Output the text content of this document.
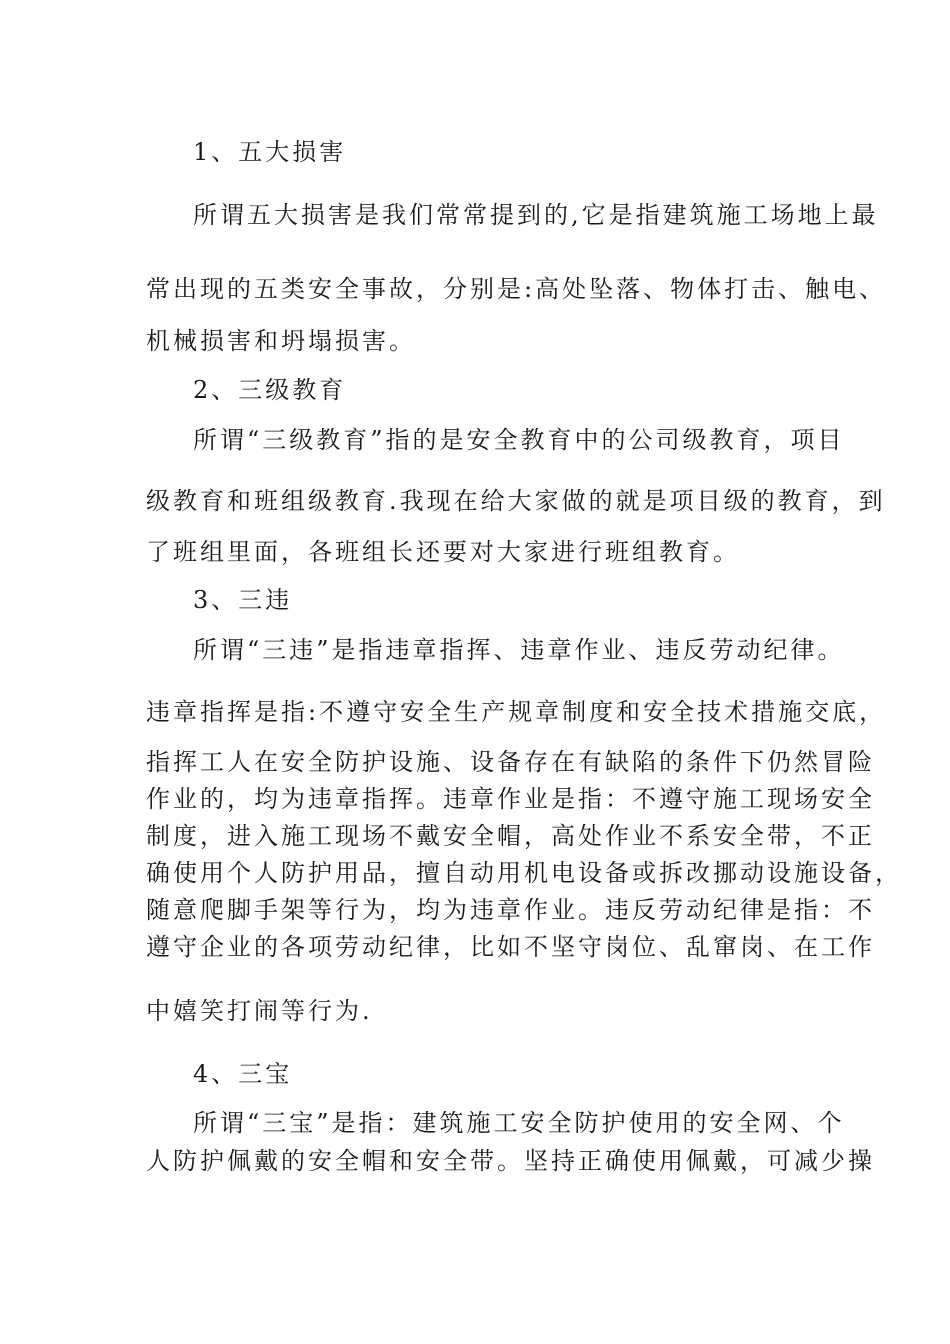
1、五大损害
所谓五大损害是我们常常提到的,它是指建筑施工场地上最
常出现的五类安全事故，分别是:高处坠落、物体打击、触电、
机械损害和坍塌损害。
2、三级教育
所谓“三级教育”指的是安全教育中的公司级教育，项目
级教育和班组级教育.我现在给大家做的就是项目级的教育，到
了班组里面，各班组长还要对大家进行班组教育。
3、三违
所谓“三违”是指违章指挥、违章作业、违反劳动纪律。
违章指挥是指:不遵守安全生产规章制度和安全技术措施交底，
指挥工人在安全防护设施、设备存在有缺陷的条件下仍然冒险
作业的，均为违章指挥。违章作业是指：不遵守施工现场安全
制度，进入施工现场不戴安全帽，高处作业不系安全带，不正
确使用个人防护用品，擅自动用机电设备或拆改挪动设施设备，
随意爬脚手架等行为，均为违章作业。违反劳动纪律是指：不
遵守企业的各项劳动纪律，比如不坚守岗位、乱窜岗、在工作
中嬉笑打闹等行为.
4、三宝
所谓“三宝”是指：建筑施工安全防护使用的安全网、个
人防护佩戴的安全帽和安全带。坚持正确使用佩戴，可减少操
